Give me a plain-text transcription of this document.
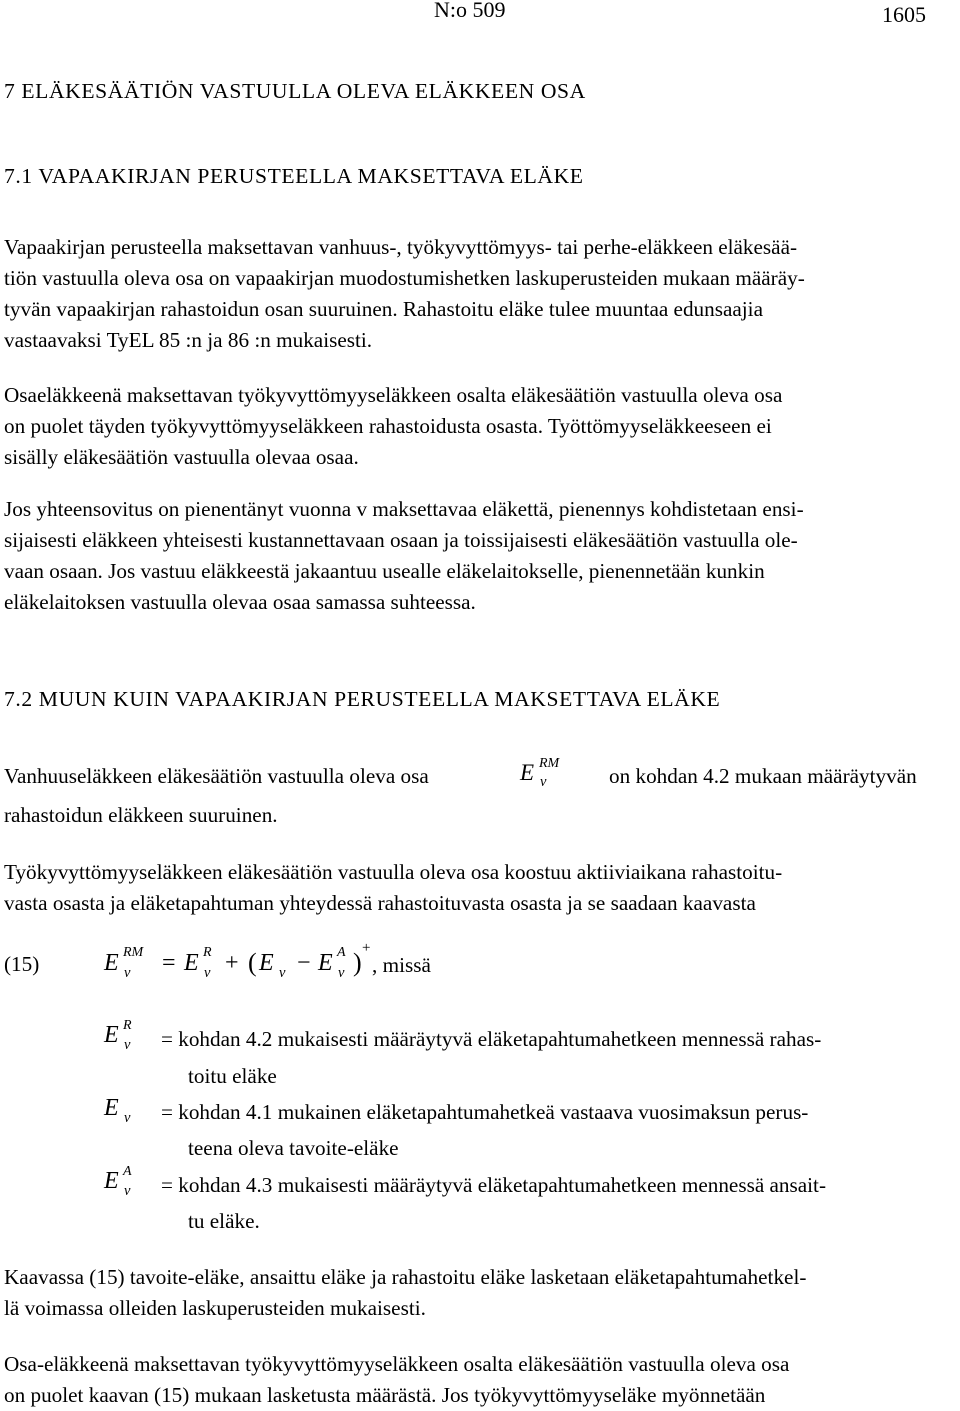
N:o 509	1605
7 ELÄKESÄÄTIÖN VASTUULLA OLEVA ELÄKKEEN OSA
7.1 VAPAAKIRJAN PERUSTEELLA MAKSETTAVA ELÄKE
Vapaakirjan perusteella maksettavan vanhuus-, työkyvyttömyys- tai perhe-eläkkeen eläkesää-
tiön vastuulla oleva osa on vapaakirjan muodostumishetken laskuperusteiden mukaan määräy-
tyvän vapaakirjan rahastoidun osan suuruinen. Rahastoitu eläke tulee muuntaa edunsaajia
vastaavaksi TyEL 85 :n ja 86 :n mukaisesti.
Osaeläkkeenä maksettavan työkyvyttömyyseläkkeen osalta eläkesäätiön vastuulla oleva osa
on puolet täyden työkyvyttömyyseläkkeen rahastoidusta osasta. Työttömyyseläkkeeseen ei
sisälly eläkesäätiön vastuulla olevaa osaa.
Jos yhteensovitus on pienentänyt vuonna v maksettavaa eläkettä, pienennys kohdistetaan ensi-
sijaisesti eläkkeen yhteisesti kustannettavaan osaan ja toissijaisesti eläkesäätiön vastuulla ole-
vaan osaan. Jos vastuu eläkkeestä jakaantuu usealle eläkelaitokselle, pienennetään kunkin
eläkelaitoksen vastuulla olevaa osaa samassa suhteessa.
7.2 MUUN KUIN VAPAAKIRJAN PERUSTEELLA MAKSETTAVA ELÄKE
Vanhuuseläkkeen eläkesäätiön vastuulla oleva osa	E RM
v	on kohdan 4.2 mukaan määräytyvän
rahastoidun eläkkeen suuruinen.
Työkyvyttömyyseläkkeen eläkesäätiön vastuulla oleva osa koostuu aktiiviaikana rahastoitu-
vasta osasta ja eläketapahtuman yhteydessä rahastoituvasta osasta ja se saadaan kaavasta
(15)	E RM
v = E R
v + ( E v − E A
v ) +
, missä
E R
v = kohdan 4.2 mukaisesti määräytyvä eläketapahtumahetkeen mennessä rahas-
toitu eläke
E v = kohdan 4.1 mukainen eläketapahtumahetkeä vastaava vuosimaksun perus-
teena oleva tavoite-eläke
E A
v = kohdan 4.3 mukaisesti määräytyvä eläketapahtumahetkeen mennessä ansait-
tu eläke.
Kaavassa (15) tavoite-eläke, ansaittu eläke ja rahastoitu eläke lasketaan eläketapahtumahetkel-
lä voimassa olleiden laskuperusteiden mukaisesti.
Osa-eläkkeenä maksettavan työkyvyttömyyseläkkeen osalta eläkesäätiön vastuulla oleva osa
on puolet kaavan (15) mukaan lasketusta määrästä. Jos työkyvyttömyyseläke myönnetään
